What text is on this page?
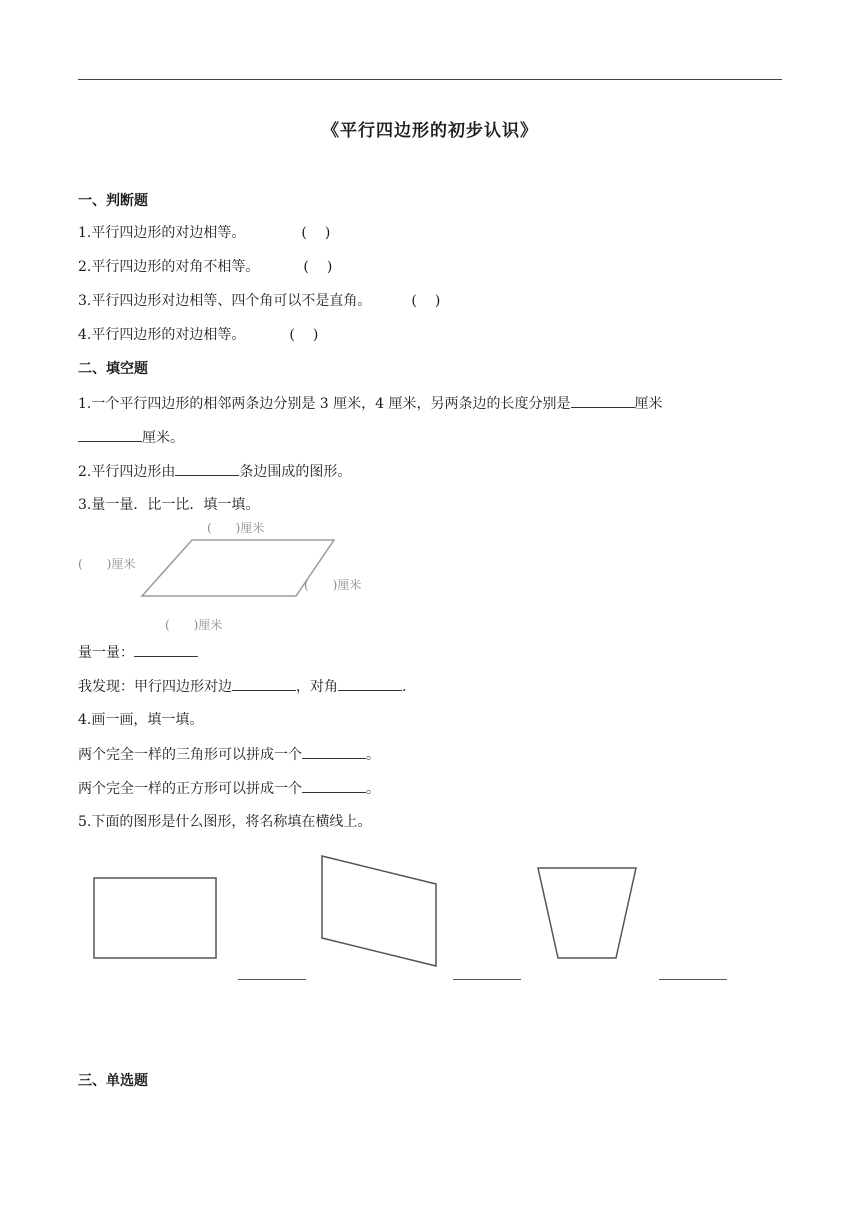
《平行四边形的初步认识》
一、判断题
1.平行四边形的对边相等。	( )
2.平行四边形的对角不相等。	( )
3.平行四边形对边相等、四个角可以不是直角。	( )
4.平行四边形的对边相等。	( )
二、填空题
1.一个平行四边形的相邻两条边分别是 3 厘米，4 厘米，另两条边的长度分别是	厘米
厘米。
2.平行四边形由	条边围成的图形。
3.量一量．比一比．填一填。
(　　)厘米
(　　)厘米
(　　)厘米
(　　)厘米
量一量：
我发现：甲行四边形对边	，对角	.
4.画一画，填一填。
两个完全一样的三角形可以拼成一个	。
两个完全一样的正方形可以拼成一个	。
5.下面的图形是什么图形，将名称填在横线上。
三、单选题
